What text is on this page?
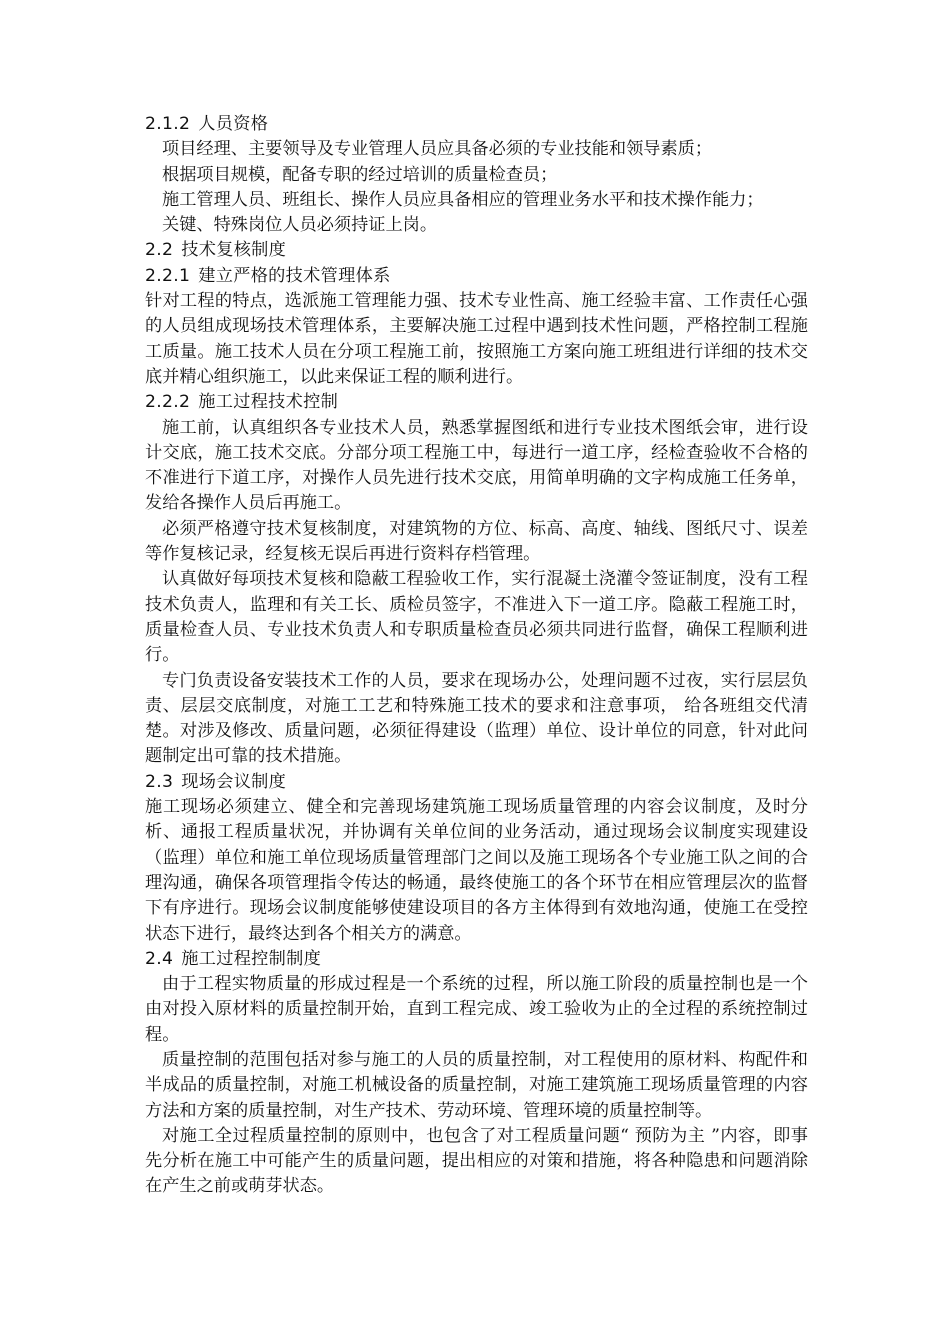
2.1.2 人员资格

项目经理、主要领导及专业管理人员应具备必须的专业技能和领导素质；

根据项目规模，配备专职的经过培训的质量检查员；

施工管理人员、班组长、操作人员应具备相应的管理业务水平和技术操作能力；

关键、特殊岗位人员必须持证上岗。

2.2 技术复核制度
2.2.1 建立严格的技术管理体系

针对工程的特点，选派施工管理能力强、技术专业性高、施工经验丰富、工作责任心强的人员组成现场技术管理体系，主要解决施工过程中遇到技术性问题，严格控制工程施工质量。施工技术人员在分项工程施工前，按照施工方案向施工班组进行详细的技术交底并精心组织施工，以此来保证工程的顺利进行。

2.2.2 施工过程技术控制

施工前，认真组织各专业技术人员，熟悉掌握图纸和进行专业技术图纸会审，进行设计交底，施工技术交底。分部分项工程施工中，每进行一道工序，经检查验收不合格的不准进行下道工序，对操作人员先进行技术交底，用简单明确的文字构成施工任务单，发给各操作人员后再施工。

必须严格遵守技术复核制度，对建筑物的方位、标高、高度、轴线、图纸尺寸、误差等作复核记录，经复核无误后再进行资料存档管理。

认真做好每项技术复核和隐蔽工程验收工作，实行混凝土浇灌令签证制度，没有工程技术负责人，监理和有关工长、质检员签字，不准进入下一道工序。隐蔽工程施工时，质量检查人员、专业技术负责人和专职质量检查员必须共同进行监督，确保工程顺利进行。

专门负责设备安装技术工作的人员，要求在现场办公，处理问题不过夜，实行层层负责、层层交底制度，对施工工艺和特殊施工技术的要求和注意事项， 给各班组交代清楚。对涉及修改、质量问题，必须征得建设（监理）单位、设计单位的同意，针对此问题制定出可靠的技术措施。

2.3 现场会议制度

施工现场必须建立、健全和完善现场建筑施工现场质量管理的内容会议制度，及时分析、通报工程质量状况，并协调有关单位间的业务活动，通过现场会议制度实现建设（监理）单位和施工单位现场质量管理部门之间以及施工现场各个专业施工队之间的合理沟通，确保各项管理指令传达的畅通，最终使施工的各个环节在相应管理层次的监督下有序进行。现场会议制度能够使建设项目的各方主体得到有效地沟通，使施工在受控状态下进行，最终达到各个相关方的满意。

2.4 施工过程控制制度

由于工程实物质量的形成过程是一个系统的过程，所以施工阶段的质量控制也是一个由对投入原材料的质量控制开始，直到工程完成、竣工验收为止的全过程的系统控制过程。

质量控制的范围包括对参与施工的人员的质量控制，对工程使用的原材料、构配件和半成品的质量控制，对施工机械设备的质量控制，对施工建筑施工现场质量管理的内容方法和方案的质量控制，对生产技术、劳动环境、管理环境的质量控制等。

对施工全过程质量控制的原则中，也包含了对工程质量问题“ 预防为主 ”内容，即事先分析在施工中可能产生的质量问题，提出相应的对策和措施，将各种隐患和问题消除在产生之前或萌芽状态。
